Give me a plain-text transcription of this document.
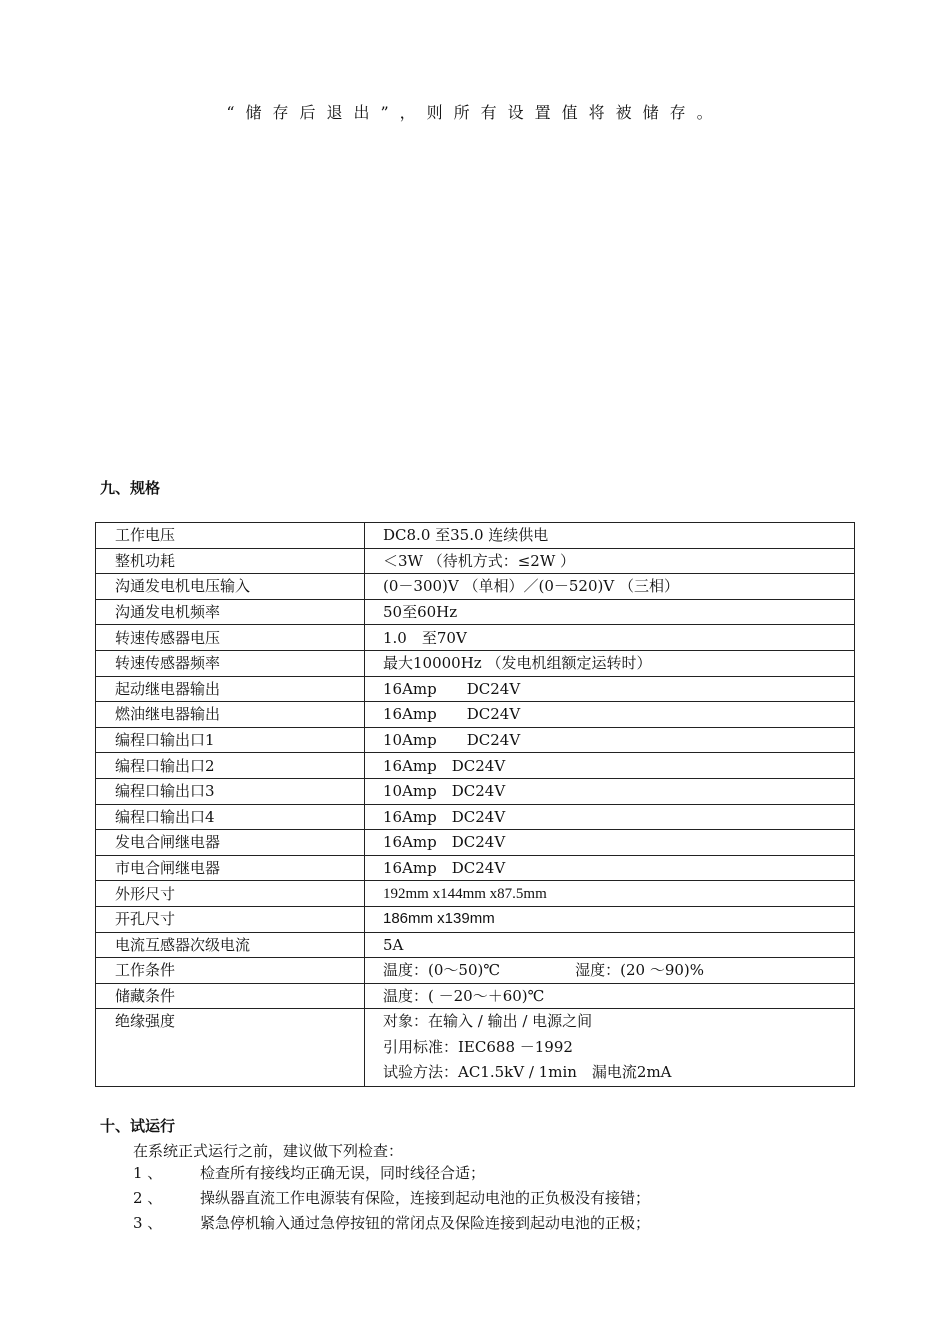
“储存后退出”，则所有设置值将被储存。
九、规格
工作电压	DC8.0 至35.0 连续供电
整机功耗	＜3W （待机方式：≤2W ）
沟通发电机电压输入	(0－300)V （单相）／(0－520)V （三相）
沟通发电机频率	50至60Hz
转速传感器电压	1.0　至70V
转速传感器频率	最大10000Hz （发电机组额定运转时）
起动继电器输出	16Amp　　DC24V
燃油继电器输出	16Amp　　DC24V
编程口输出口1	10Amp　　DC24V
编程口输出口2	16Amp　DC24V
编程口输出口3	10Amp　DC24V
编程口输出口4	16Amp　DC24V
发电合闸继电器	16Amp　DC24V
市电合闸继电器	16Amp　DC24V
外形尺寸	192mm x144mm x87.5mm
开孔尺寸	186mm x139mm
电流互感器次级电流	5A
工作条件	温度：(0～50)℃　　　　　湿度：(20 ～90)%
储藏条件	温度：( －20～＋60)℃
绝缘强度	对象：在输入 / 输出 / 电源之间
引用标准：IEC688 －1992
试验方法：AC1.5kV / 1min　漏电流2mA
十、试运行
在系统正式运行之前，建议做下列检查：
1 、	检查所有接线均正确无误，同时线径合适；
2 、	操纵器直流工作电源装有保险，连接到起动电池的正负极没有接错；
3 、	紧急停机输入通过急停按钮的常闭点及保险连接到起动电池的正极；
